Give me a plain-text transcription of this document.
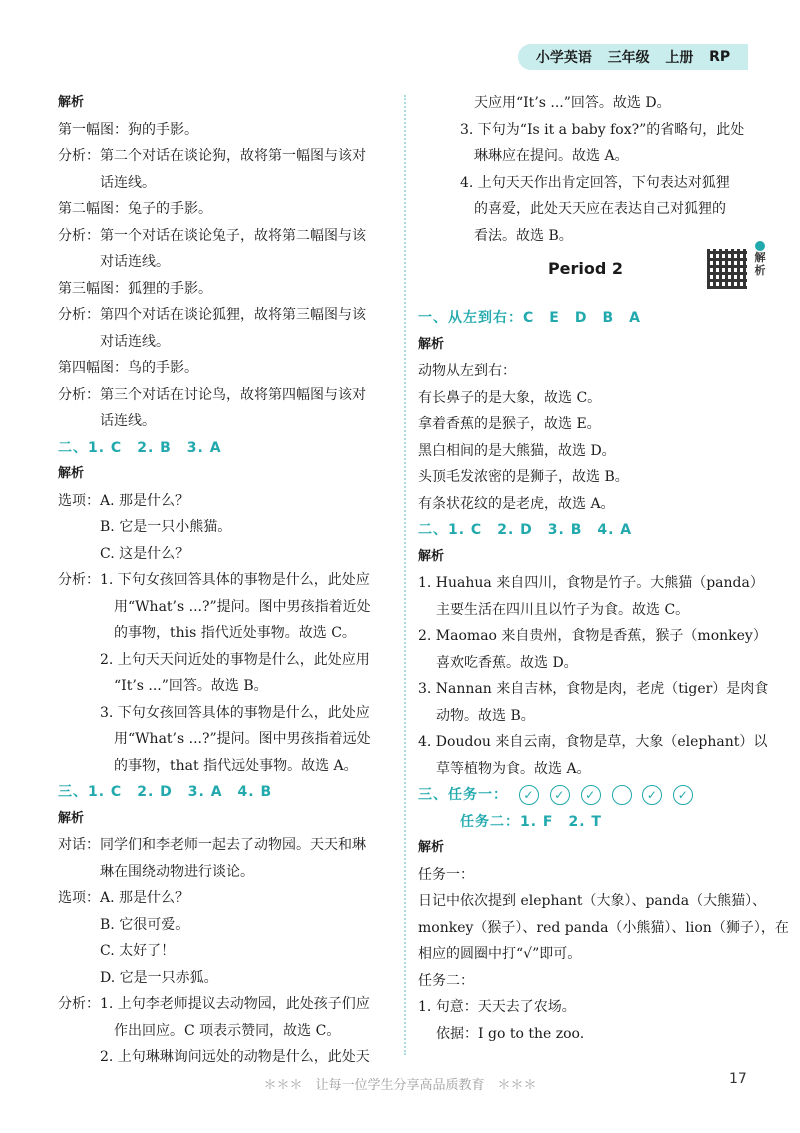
小学英语 三年级 上册 RP
解析
第一幅图：狗的手影。
分析：第二个对话在谈论狗，故将第一幅图与该对
话连线。
第二幅图：兔子的手影。
分析：第一个对话在谈论兔子，故将第二幅图与该
对话连线。
第三幅图：狐狸的手影。
分析：第四个对话在谈论狐狸，故将第三幅图与该
对话连线。
第四幅图：鸟的手影。
分析：第三个对话在讨论鸟，故将第四幅图与该对
话连线。
二、1. C　2. B　3. A
解析
选项：A. 那是什么？
B. 它是一只小熊猫。
C. 这是什么？
分析：1. 下句女孩回答具体的事物是什么，此处应
用“What’s ...?”提问。图中男孩指着近处
的事物，this 指代近处事物。故选 C。
2. 上句天天问近处的事物是什么，此处应用
“It’s ...”回答。故选 B。
3. 下句女孩回答具体的事物是什么，此处应
用“What’s ...?”提问。图中男孩指着远处
的事物，that 指代远处事物。故选 A。
三、1. C　2. D　3. A　4. B
解析
对话：同学们和李老师一起去了动物园。天天和琳
琳在围绕动物进行谈论。
选项：A. 那是什么？
B. 它很可爱。
C. 太好了！
D. 它是一只赤狐。
分析：1. 上句李老师提议去动物园，此处孩子们应
作出回应。C 项表示赞同，故选 C。
2. 上句琳琳询问远处的动物是什么，此处天
天应用“It’s ...”回答。故选 D。
3. 下句为“Is it a baby fox?”的省略句，此处
琳琳应在提问。故选 A。
4. 上句天天作出肯定回答，下句表达对狐狸
的喜爱，此处天天应在表达自己对狐狸的
看法。故选 B。
Period 2
解析
一、从左到右：C　E　D　B　A
解析
动物从左到右：
有长鼻子的是大象，故选 C。
拿着香蕉的是猴子，故选 E。
黑白相间的是大熊猫，故选 D。
头顶毛发浓密的是狮子，故选 B。
有条状花纹的是老虎，故选 A。
二、1. C　2. D　3. B　4. A
解析
1. Huahua 来自四川，食物是竹子。大熊猫（panda）
主要生活在四川且以竹子为食。故选 C。
2. Maomao 来自贵州，食物是香蕉，猴子（monkey）
喜欢吃香蕉。故选 D。
3. Nannan 来自吉林，食物是肉，老虎（tiger）是肉食
动物。故选 B。
4. Doudou 来自云南，食物是草，大象（elephant）以
草等植物为食。故选 A。
三、任务一： ✓ ✓ ✓	✓ ✓
任务二：1. F　2. T
解析
任务一：
日记中依次提到 elephant（大象）、panda（大熊猫）、
monkey（猴子）、red panda（小熊猫）、lion（狮子），在
相应的圆圈中打“√”即可。
任务二：
1. 句意：天天去了农场。
依据：I go to the zoo.
＊＊＊　让每一位学生分享高品质教育　＊＊＊	17
